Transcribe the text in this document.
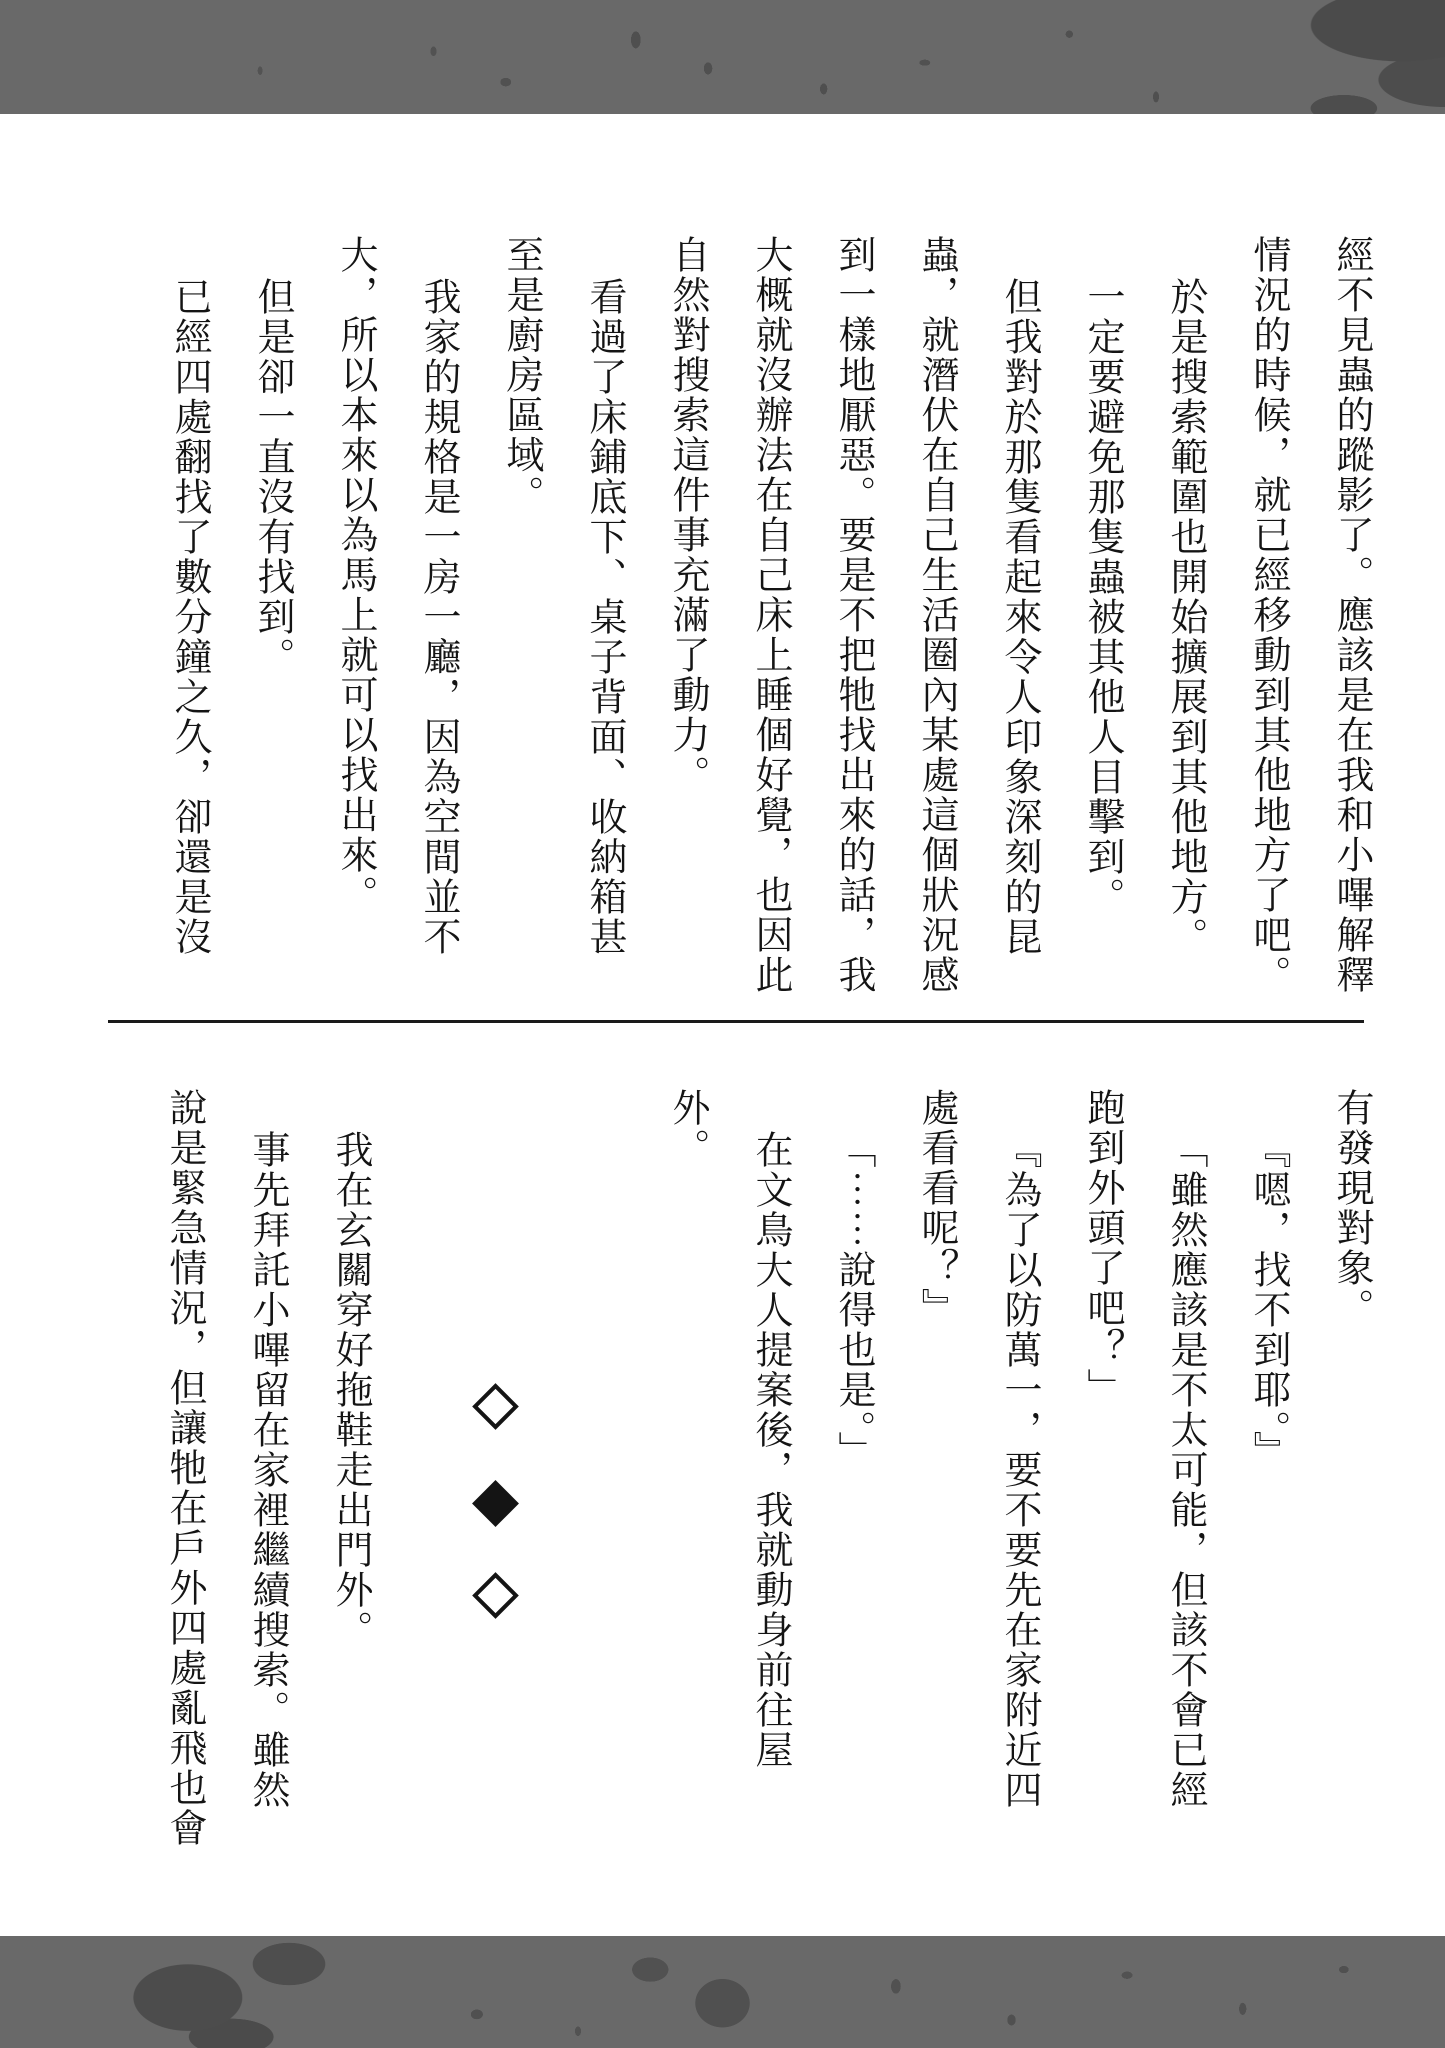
經不見蟲的蹤影了。應該是在我和小嗶解釋
情況的時候，就已經移動到其他地方了吧。
於是搜索範圍也開始擴展到其他地方。
一定要避免那隻蟲被其他人目擊到。
但我對於那隻看起來令人印象深刻的昆
蟲，就潛伏在自己生活圈內某處這個狀況感
到一樣地厭惡。要是不把牠找出來的話，我
大概就沒辦法在自己床上睡個好覺，也因此
自然對搜索這件事充滿了動力。
看過了床鋪底下、桌子背面、收納箱甚
至是廚房區域。
我家的規格是一房一廳，因為空間並不
大，所以本來以為馬上就可以找出來。
但是卻一直沒有找到。
已經四處翻找了數分鐘之久，卻還是沒
有發現對象。
『嗯，找不到耶。』
「雖然應該是不太可能，但該不會已經
跑到外頭了吧？」
『為了以防萬一，要不要先在家附近四
處看看呢？』
「⋯⋯說得也是。」
在文鳥大人提案後，我就動身前往屋
外。
我在玄關穿好拖鞋走出門外。
事先拜託小嗶留在家裡繼續搜索。雖然
說是緊急情況，但讓牠在戶外四處亂飛也會
